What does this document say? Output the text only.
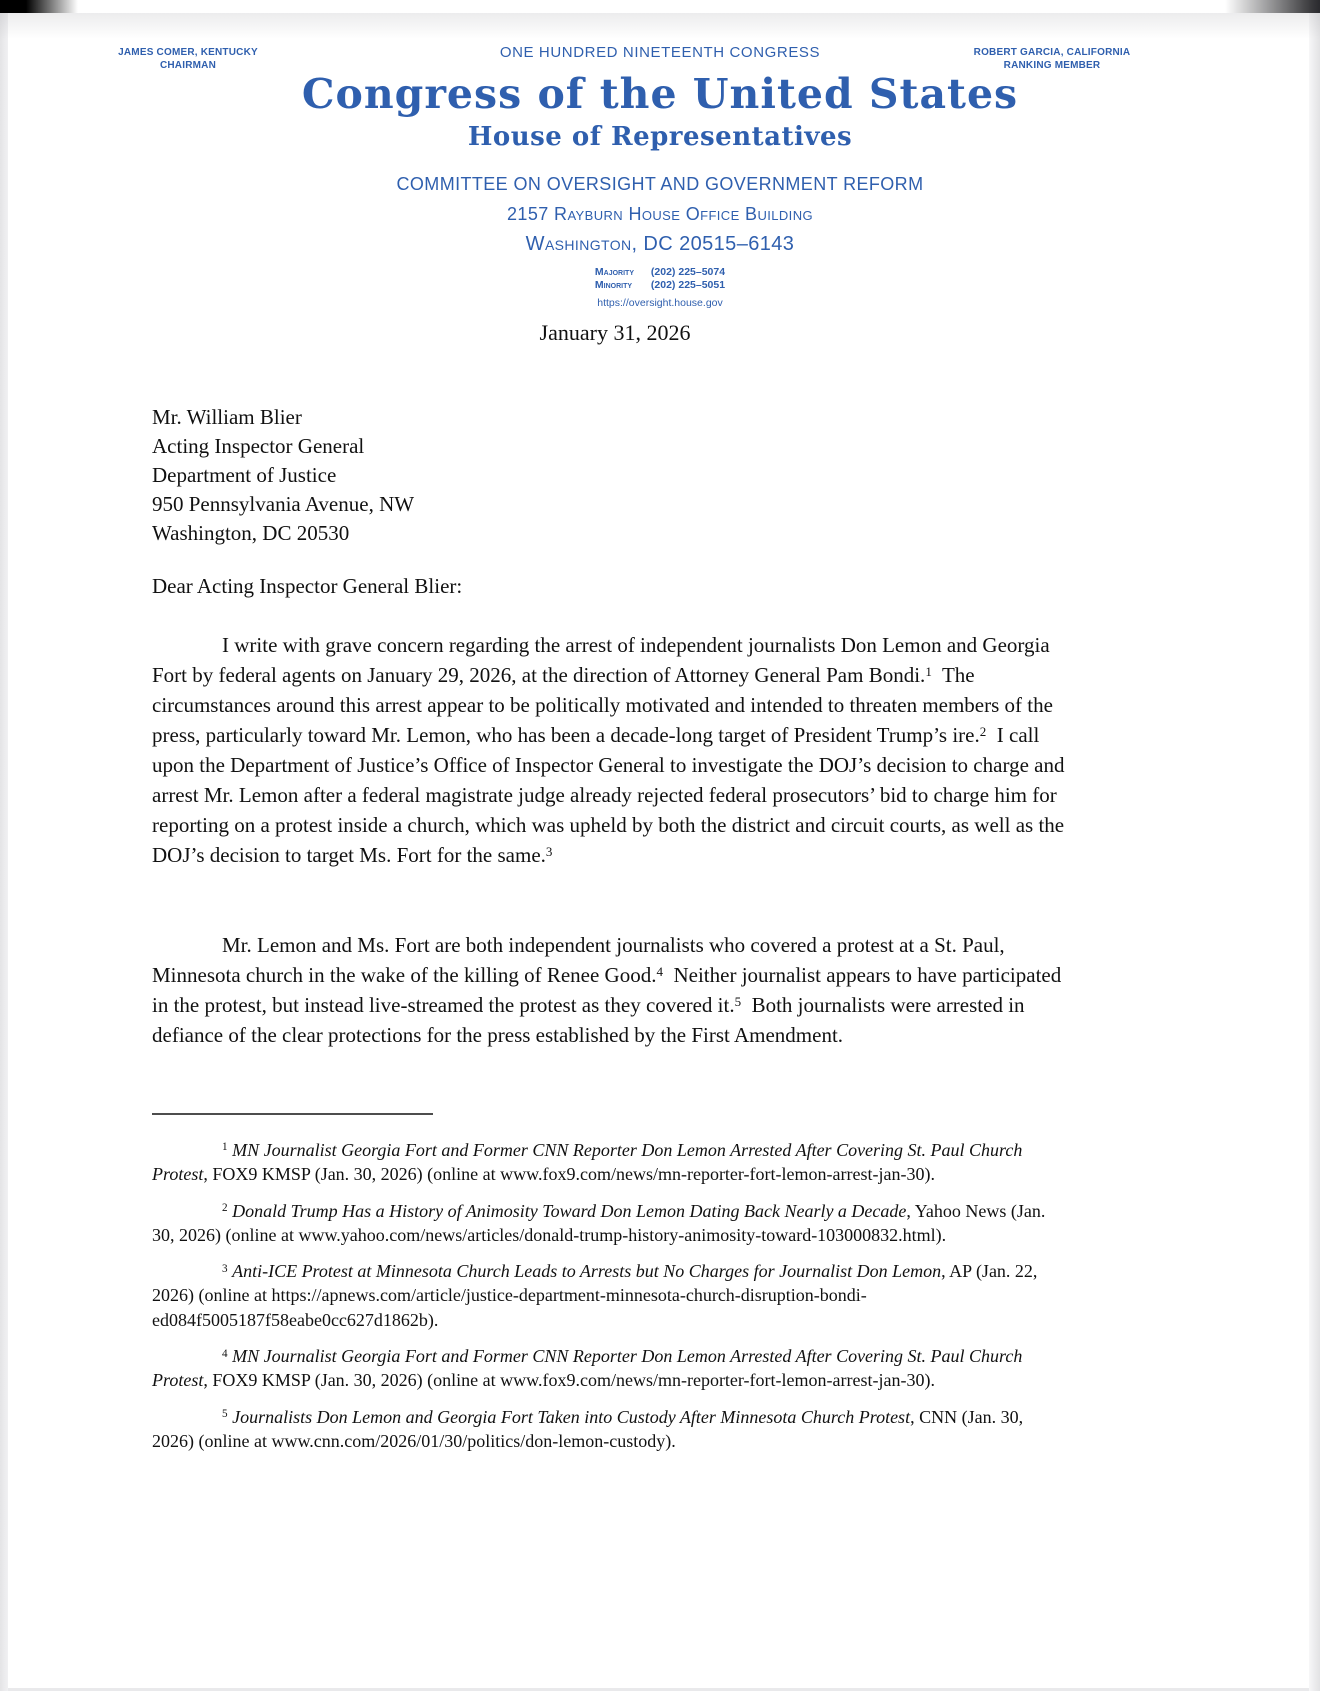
JAMES COMER, KENTUCKY
CHAIRMAN
ONE HUNDRED NINETEENTH CONGRESS	ROBERT GARCIA, CALIFORNIA
RANKING MEMBER
Congress of the United States
House of Representatives
COMMITTEE ON OVERSIGHT AND GOVERNMENT REFORM
2157 Rayburn House Office Building
Washington, DC 20515–6143
Majority (202) 225–5074
Minority (202) 225–5051
https://oversight.house.gov
January 31, 2026
Mr. William Blier
Acting Inspector General
Department of Justice
950 Pennsylvania Avenue, NW
Washington, DC 20530
Dear Acting Inspector General Blier:

I write with grave concern regarding the arrest of independent journalists Don Lemon and Georgia Fort by federal agents on January 29, 2026, at the direction of Attorney General Pam Bondi.$^1$  The circumstances around this arrest appear to be politically motivated and intended to threaten members of the press, particularly toward Mr. Lemon, who has been a decade-long target of President Trump’s ire.$^2$  I call upon the Department of Justice’s Office of Inspector General to investigate the DOJ’s decision to charge and arrest Mr. Lemon after a federal magistrate judge already rejected federal prosecutors’ bid to charge him for reporting on a protest inside a church, which was upheld by both the district and circuit courts, as well as the DOJ’s decision to target Ms. Fort for the same.$^3$

Mr. Lemon and Ms. Fort are both independent journalists who covered a protest at a St. Paul, Minnesota church in the wake of the killing of Renee Good.$^4$  Neither journalist appears to have participated in the protest, but instead live-streamed the protest as they covered it.$^5$  Both journalists were arrested in defiance of the clear protections for the press established by the First Amendment.

$^1$ MN Journalist Georgia Fort and Former CNN Reporter Don Lemon Arrested After Covering St. Paul Church Protest, FOX9 KMSP (Jan. 30, 2026) (online at www.fox9.com/news/mn-reporter-fort-lemon-arrest-jan-30).

$^2$ Donald Trump Has a History of Animosity Toward Don Lemon Dating Back Nearly a Decade, Yahoo News (Jan. 30, 2026) (online at www.yahoo.com/news/articles/donald-trump-history-animosity-toward-103000832.html).

$^3$ Anti-ICE Protest at Minnesota Church Leads to Arrests but No Charges for Journalist Don Lemon, AP (Jan. 22, 2026) (online at https://apnews.com/article/justice-department-minnesota-church-disruption-bondi-ed084f5005187f58eabe0cc627d1862b).

$^4$ MN Journalist Georgia Fort and Former CNN Reporter Don Lemon Arrested After Covering St. Paul Church Protest, FOX9 KMSP (Jan. 30, 2026) (online at www.fox9.com/news/mn-reporter-fort-lemon-arrest-jan-30).

$^5$ Journalists Don Lemon and Georgia Fort Taken into Custody After Minnesota Church Protest, CNN (Jan. 30, 2026) (online at www.cnn.com/2026/01/30/politics/don-lemon-custody).
